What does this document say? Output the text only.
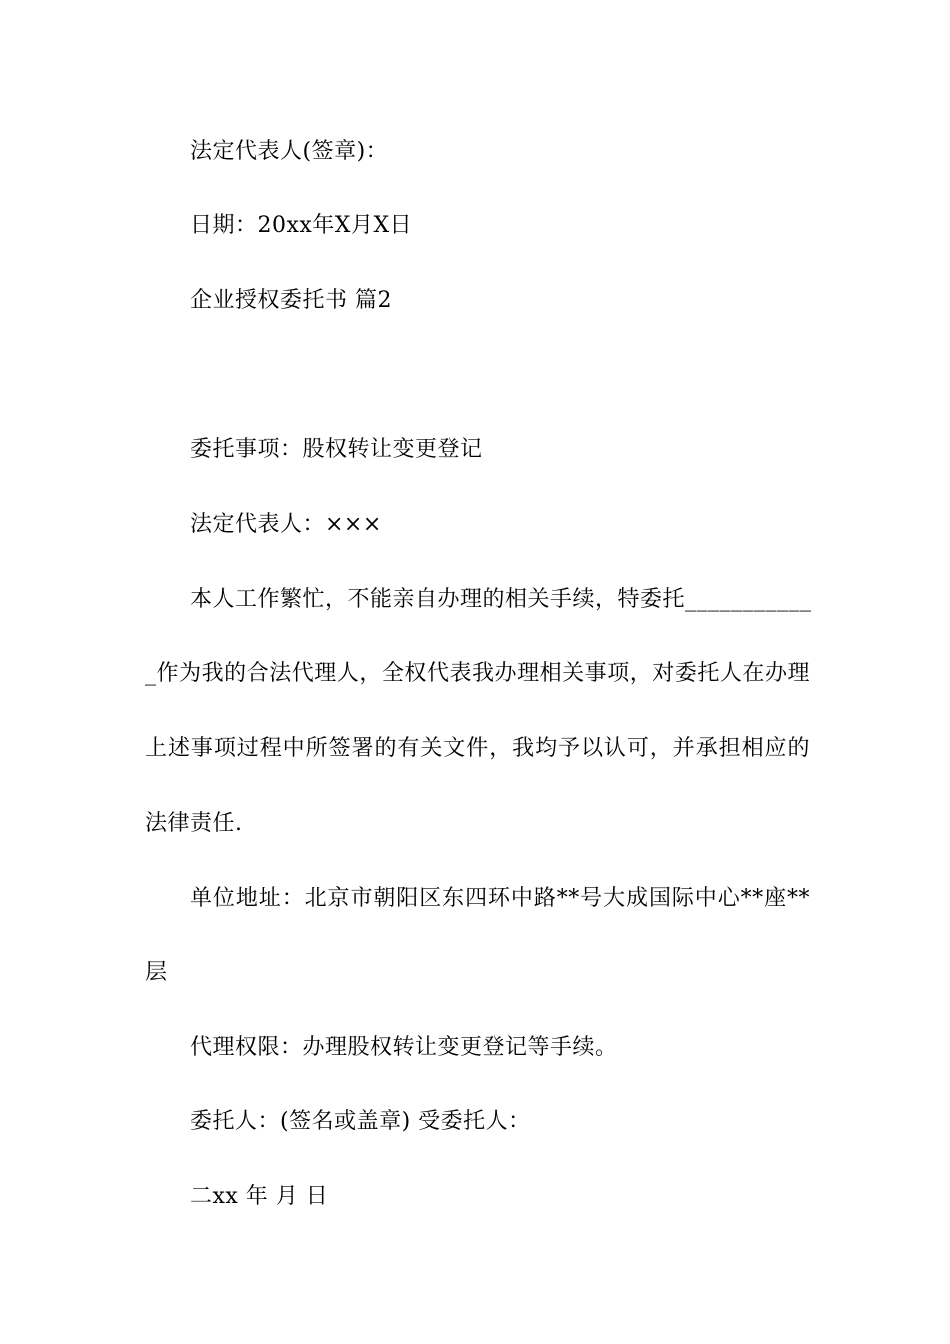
法定代表人(签章)：
日期：20xx年X月X日
企业授权委托书 篇2
委托事项：股权转让变更登记
法定代表人：×××
本人工作繁忙，不能亲自办理的相关手续，特委托___________
_作为我的合法代理人，全权代表我办理相关事项，对委托人在办理
上述事项过程中所签署的有关文件，我均予以认可，并承担相应的
法律责任.
单位地址：北京市朝阳区东四环中路**号大成国际中心**座**
层
代理权限：办理股权转让变更登记等手续。
委托人：(签名或盖章) 受委托人：
二xx 年 月 日
